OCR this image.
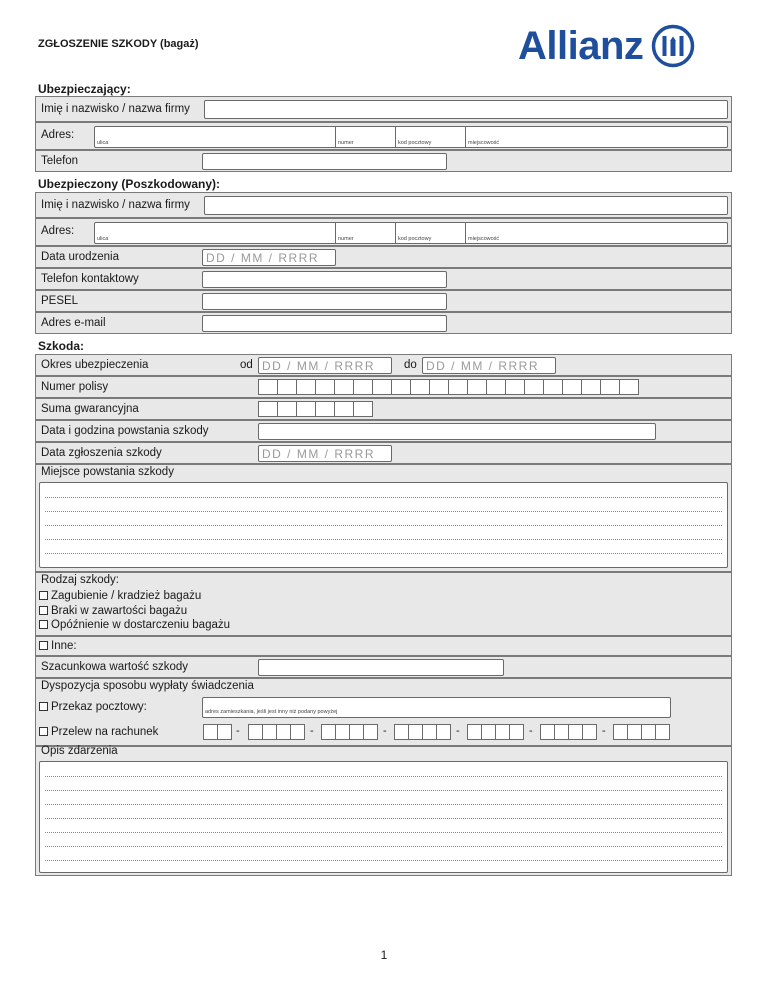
ZGŁOSZENIE SZKODY (bagaż)	Allianz
Ubezpieczający:
Imię i nazwisko / nazwa firmy
Adres:
ulica	numer	kod pocztowy	miejscowość
Telefon
Ubezpieczony (Poszkodowany):
Imię i nazwisko / nazwa firmy
Adres:
ulica	numer	kod pocztowy	miejscowość
Data urodzenia	DD / MM / RRRR
Telefon kontaktowy
PESEL
Adres e-mail
Szkoda:
Okres ubezpieczenia	od DD / MM / RRRR	do DD / MM / RRRR
Numer polisy
Suma gwarancyjna
Data i godzina powstania szkody
Data zgłoszenia szkody	DD / MM / RRRR
Miejsce powstania szkody
Rodzaj szkody:
Zagubienie / kradzież bagażu
Braki w zawartości bagażu
Opóźnienie w dostarczeniu bagażu
Inne:
Szacunkowa wartość szkody
Dyspozycja sposobu wypłaty świadczenia
Przekaz pocztowy:	adres zamieszkania, jeśli jest inny niż podany powyżej
Przelew na rachunek	-	-	-	-	-	-
Opis zdarzenia
1
